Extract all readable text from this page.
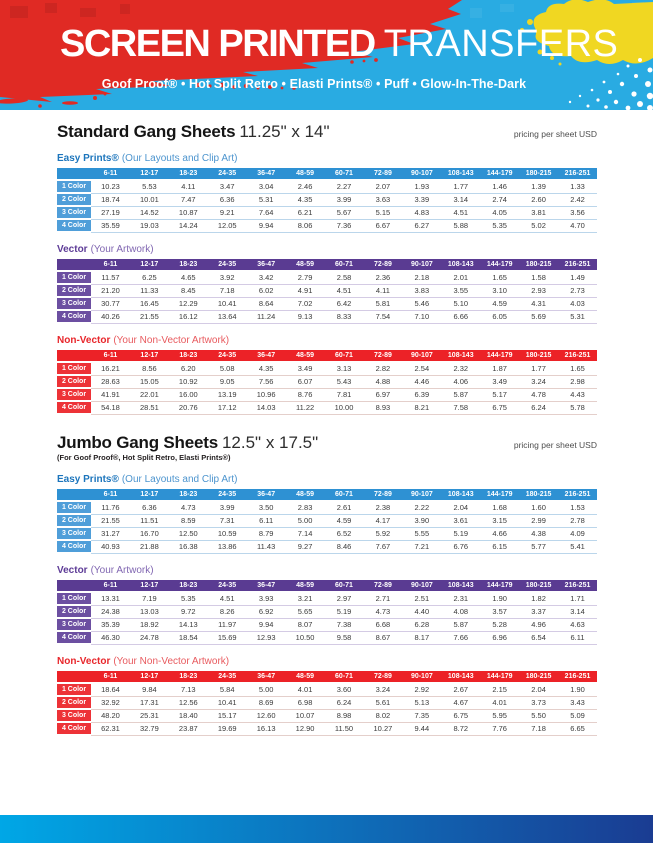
SCREEN PRINTED TRANSFERS
Goof Proof® • Hot Split Retro • Elasti Prints® • Puff • Glow-In-The-Dark
Standard Gang Sheets 11.25" x 14"	pricing per sheet USD
Easy Prints® (Our Layouts and Clip Art)
	6-11	12-17	18-23	24-35	36-47	48-59	60-71	72-89	90-107	108-143	144-179	180-215	216-251
1 Color	10.23	5.53	4.11	3.47	3.04	2.46	2.27	2.07	1.93	1.77	1.46	1.39	1.33
2 Color	18.74	10.01	7.47	6.36	5.31	4.35	3.99	3.63	3.39	3.14	2.74	2.60	2.42
3 Color	27.19	14.52	10.87	9.21	7.64	6.21	5.67	5.15	4.83	4.51	4.05	3.81	3.56
4 Color	35.59	19.03	14.24	12.05	9.94	8.06	7.36	6.67	6.27	5.88	5.35	5.02	4.70
Vector (Your Artwork)
	6-11	12-17	18-23	24-35	36-47	48-59	60-71	72-89	90-107	108-143	144-179	180-215	216-251
1 Color	11.57	6.25	4.65	3.92	3.42	2.79	2.58	2.36	2.18	2.01	1.65	1.58	1.49
2 Color	21.20	11.33	8.45	7.18	6.02	4.91	4.51	4.11	3.83	3.55	3.10	2.93	2.73
3 Color	30.77	16.45	12.29	10.41	8.64	7.02	6.42	5.81	5.46	5.10	4.59	4.31	4.03
4 Color	40.26	21.55	16.12	13.64	11.24	9.13	8.33	7.54	7.10	6.66	6.05	5.69	5.31
Non-Vector (Your Non-Vector Artwork)
	6-11	12-17	18-23	24-35	36-47	48-59	60-71	72-89	90-107	108-143	144-179	180-215	216-251
1 Color	16.21	8.56	6.20	5.08	4.35	3.49	3.13	2.82	2.54	2.32	1.87	1.77	1.65
2 Color	28.63	15.05	10.92	9.05	7.56	6.07	5.43	4.88	4.46	4.06	3.49	3.24	2.98
3 Color	41.91	22.01	16.00	13.19	10.96	8.76	7.81	6.97	6.39	5.87	5.17	4.78	4.43
4 Color	54.18	28.51	20.76	17.12	14.03	11.22	10.00	8.93	8.21	7.58	6.75	6.24	5.78
Jumbo Gang Sheets 12.5" x 17.5"	pricing per sheet USD
(For Goof Proof®, Hot Split Retro, Elasti Prints®)
Easy Prints® (Our Layouts and Clip Art)
	6-11	12-17	18-23	24-35	36-47	48-59	60-71	72-89	90-107	108-143	144-179	180-215	216-251
1 Color	11.76	6.36	4.73	3.99	3.50	2.83	2.61	2.38	2.22	2.04	1.68	1.60	1.53
2 Color	21.55	11.51	8.59	7.31	6.11	5.00	4.59	4.17	3.90	3.61	3.15	2.99	2.78
3 Color	31.27	16.70	12.50	10.59	8.79	7.14	6.52	5.92	5.55	5.19	4.66	4.38	4.09
4 Color	40.93	21.88	16.38	13.86	11.43	9.27	8.46	7.67	7.21	6.76	6.15	5.77	5.41
Vector (Your Artwork)
	6-11	12-17	18-23	24-35	36-47	48-59	60-71	72-89	90-107	108-143	144-179	180-215	216-251
1 Color	13.31	7.19	5.35	4.51	3.93	3.21	2.97	2.71	2.51	2.31	1.90	1.82	1.71
2 Color	24.38	13.03	9.72	8.26	6.92	5.65	5.19	4.73	4.40	4.08	3.57	3.37	3.14
3 Color	35.39	18.92	14.13	11.97	9.94	8.07	7.38	6.68	6.28	5.87	5.28	4.96	4.63
4 Color	46.30	24.78	18.54	15.69	12.93	10.50	9.58	8.67	8.17	7.66	6.96	6.54	6.11
Non-Vector (Your Non-Vector Artwork)
	6-11	12-17	18-23	24-35	36-47	48-59	60-71	72-89	90-107	108-143	144-179	180-215	216-251
1 Color	18.64	9.84	7.13	5.84	5.00	4.01	3.60	3.24	2.92	2.67	2.15	2.04	1.90
2 Color	32.92	17.31	12.56	10.41	8.69	6.98	6.24	5.61	5.13	4.67	4.01	3.73	3.43
3 Color	48.20	25.31	18.40	15.17	12.60	10.07	8.98	8.02	7.35	6.75	5.95	5.50	5.09
4 Color	62.31	32.79	23.87	19.69	16.13	12.90	11.50	10.27	9.44	8.72	7.76	7.18	6.65
